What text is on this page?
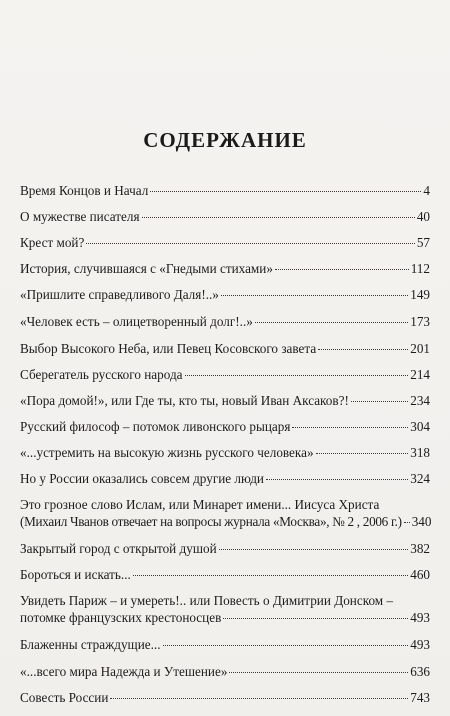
СОДЕРЖАНИЕ
Время Концов и Начал	4
О мужестве писателя	40
Крест мой?	57
История, случившаяся с «Гнедыми стихами»	112
«Пришлите справедливого Даля!..»	149
«Человек есть – олицетворенный долг!..»	173
Выбор Высокого Неба, или Певец Косовского завета	201
Сберегатель русского народа	214
«Пора домой!», или Где ты, кто ты, новый Иван Аксаков?!	234
Русский философ – потомок ливонского рыцаря	304
«...устремить на высокую жизнь русского человека»	318
Но у России оказались совсем другие люди	324
Это грозное слово Ислам, или Минарет имени... Иисуса Христа
(Михаил Чванов отвечает на вопросы журнала «Москва», № 2 , 2006 г.) 340
Закрытый город с открытой душой	382
Бороться и искать...	460
Увидеть Париж – и умереть!.. или Повесть о Димитрии Донском –
потомке французских крестоносцев	493
Блаженны страждущие...	493
«...всего мира Надежда и Утешение»	636
Совесть России	743
